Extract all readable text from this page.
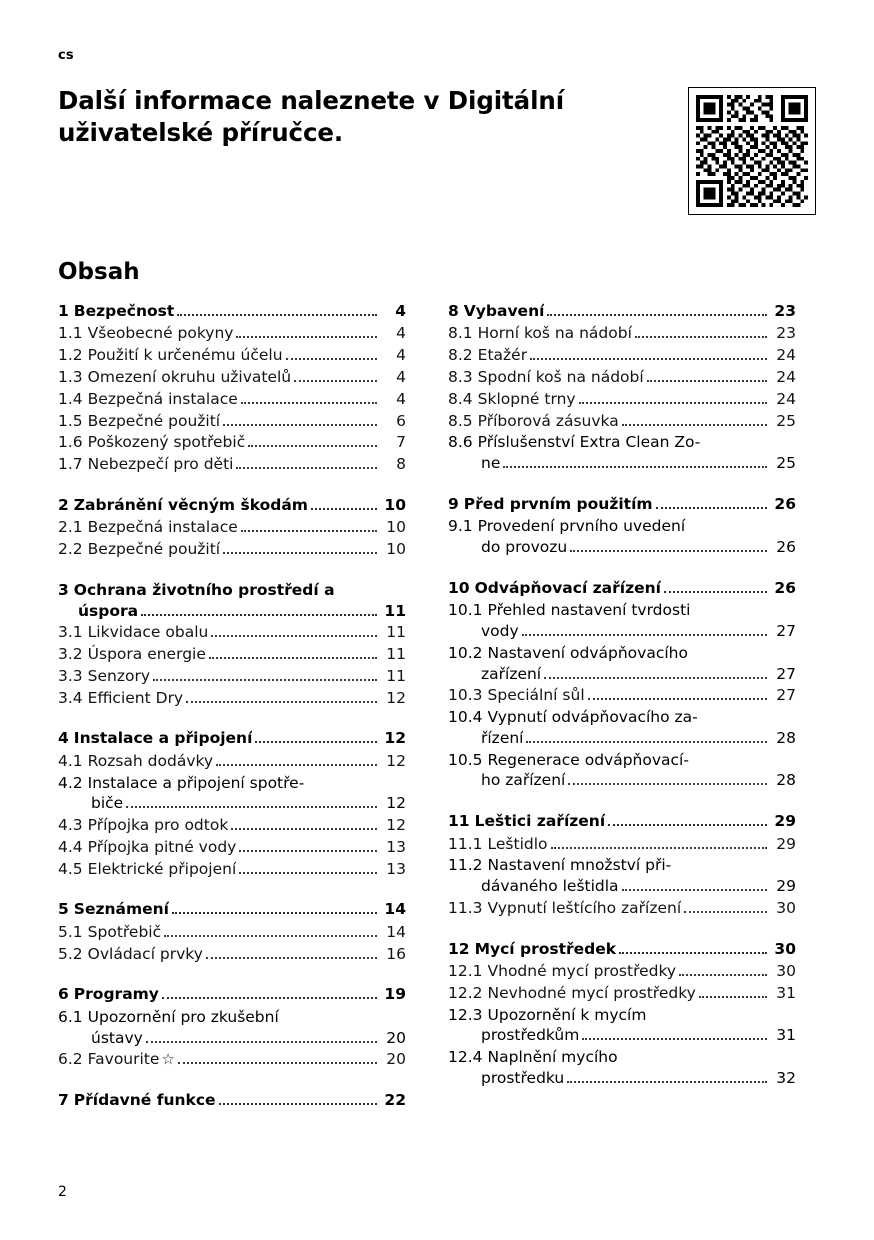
cs
Další informace naleznete v Digitální uživatelské příručce.
Obsah
1 Bezpečnost	4
1.1 Všeobecné pokyny	4
1.2 Použití k určenému účelu	4
1.3 Omezení okruhu uživatelů	4
1.4 Bezpečná instalace	4
1.5 Bezpečné použití	6
1.6 Poškozený spotřebič	7
1.7 Nebezpečí pro děti	8
2 Zabránění věcným škodám	10
2.1 Bezpečná instalace	10
2.2 Bezpečné použití	10
3 Ochrana životního prostředí a
úspora	11
3.1 Likvidace obalu	11
3.2 Úspora energie	11
3.3 Senzory	11
3.4 Efficient Dry	12
4 Instalace a připojení	12
4.1 Rozsah dodávky	12
4.2 Instalace a připojení spotře-
biče	12
4.3 Přípojka pro odtok	12
4.4 Přípojka pitné vody	13
4.5 Elektrické připojení	13
5 Seznámení	14
5.1 Spotřebič	14
5.2 Ovládací prvky	16
6 Programy	19
6.1 Upozornění pro zkušební
ústavy	20
6.2 Favourite ☆	20
7 Přídavné funkce	22
8 Vybavení	23
8.1 Horní koš na nádobí	23
8.2 Etažér	24
8.3 Spodní koš na nádobí	24
8.4 Sklopné trny	24
8.5 Příborová zásuvka	25
8.6 Příslušenství Extra Clean Zo-
ne	25
9 Před prvním použitím	26
9.1 Provedení prvního uvedení
do provozu	26
10 Odvápňovací zařízení	26
10.1 Přehled nastavení tvrdosti
vody	27
10.2 Nastavení odvápňovacího
zařízení	27
10.3 Speciální sůl	27
10.4 Vypnutí odvápňovacího za-
řízení	28
10.5 Regenerace odvápňovací-
ho zařízení	28
11 Leštici zařízení	29
11.1 Leštidlo	29
11.2 Nastavení množství při-
dávaného leštidla	29
11.3 Vypnutí leštícího zařízení	30
12 Mycí prostředek	30
12.1 Vhodné mycí prostředky	30
12.2 Nevhodné mycí prostředky	31
12.3 Upozornění k mycím
prostředkům	31
12.4 Naplnění mycího
prostředku	32
2
